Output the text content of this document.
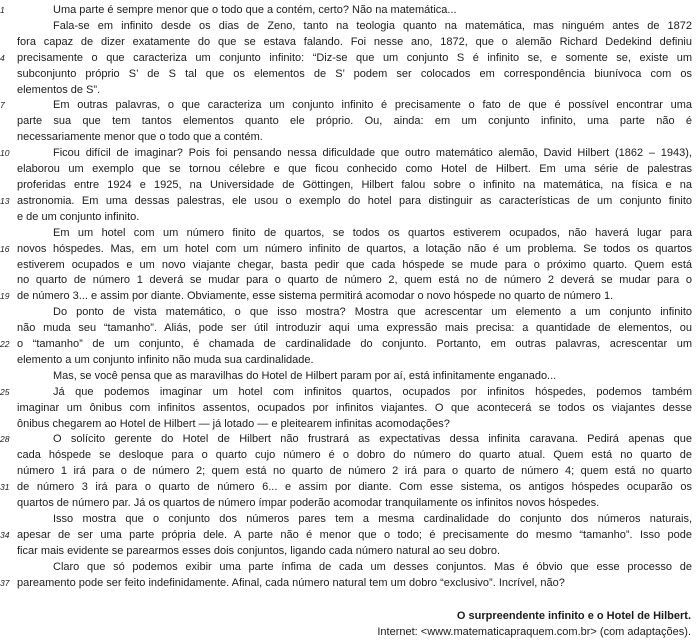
1	Uma parte é sempre menor que o todo que a contém, certo? Não na matemática...
Fala-se em infinito desde os dias de Zeno, tanto na teologia quanto na matemática, mas ninguém antes de 1872
fora capaz de dizer exatamente do que se estava falando. Foi nesse ano, 1872, que o alemão Richard Dedekind definiu
4	precisamente o que caracteriza um conjunto infinito: “Diz-se que um conjunto S é infinito se, e somente se, existe um
subconjunto próprio S’ de S tal que os elementos de S’ podem ser colocados em correspondência biunívoca com os
elementos de S”.
7	Em outras palavras, o que caracteriza um conjunto infinito é precisamente o fato de que é possível encontrar uma
parte sua que tem tantos elementos quanto ele próprio. Ou, ainda: em um conjunto infinito, uma parte não é
necessariamente menor que o todo que a contém.
10	Ficou difícil de imaginar? Pois foi pensando nessa dificuldade que outro matemático alemão, David Hilbert (1862 – 1943),
elaborou um exemplo que se tornou célebre e que ficou conhecido como Hotel de Hilbert. Em uma série de palestras
proferidas entre 1924 e 1925, na Universidade de Göttingen, Hilbert falou sobre o infinito na matemática, na física e na
13 astronomia. Em uma dessas palestras, ele usou o exemplo do hotel para distinguir as características de um conjunto finito
e de um conjunto infinito.
Em um hotel com um número finito de quartos, se todos os quartos estiverem ocupados, não haverá lugar para
16 novos hóspedes. Mas, em um hotel com um número infinito de quartos, a lotação não é um problema. Se todos os quartos
estiverem ocupados e um novo viajante chegar, basta pedir que cada hóspede se mude para o próximo quarto. Quem está
no quarto de número 1 deverá se mudar para o quarto de número 2, quem está no de número 2 deverá se mudar para o
19 de número 3... e assim por diante. Obviamente, esse sistema permitirá acomodar o novo hóspede no quarto de número 1.
Do ponto de vista matemático, o que isso mostra? Mostra que acrescentar um elemento a um conjunto infinito
não muda seu “tamanho”. Aliás, pode ser útil introduzir aqui uma expressão mais precisa: a quantidade de elementos, ou
22 o “tamanho” de um conjunto, é chamada de cardinalidade do conjunto. Portanto, em outras palavras, acrescentar um
elemento a um conjunto infinito não muda sua cardinalidade.
Mas, se você pensa que as maravilhas do Hotel de Hilbert param por aí, está infinitamente enganado...
25	Já que podemos imaginar um hotel com infinitos quartos, ocupados por infinitos hóspedes, podemos também
imaginar um ônibus com infinitos assentos, ocupados por infinitos viajantes. O que acontecerá se todos os viajantes desse
ônibus chegarem ao Hotel de Hilbert — já lotado — e pleitearem infinitas acomodações?
28	O solícito gerente do Hotel de Hilbert não frustrará as expectativas dessa infinita caravana. Pedirá apenas que
cada hóspede se desloque para o quarto cujo número é o dobro do número do quarto atual. Quem está no quarto de
número 1 irá para o de número 2; quem está no quarto de número 2 irá para o quarto de número 4; quem está no quarto
31 de número 3 irá para o quarto de número 6... e assim por diante. Com esse sistema, os antigos hóspedes ocuparão os
quartos de número par. Já os quartos de número ímpar poderão acomodar tranquilamente os infinitos novos hóspedes.
Isso mostra que o conjunto dos números pares tem a mesma cardinalidade do conjunto dos números naturais,
34 apesar de ser uma parte própria dele. A parte não é menor que o todo; é precisamente do mesmo “tamanho”. Isso pode
ficar mais evidente se parearmos esses dois conjuntos, ligando cada número natural ao seu dobro.
Claro que só podemos exibir uma parte ínfima de cada um desses conjuntos. Mas é óbvio que esse processo de
37 pareamento pode ser feito indefinidamente. Afinal, cada número natural tem um dobro “exclusivo”. Incrível, não?
O surpreendente infinito e o Hotel de Hilbert.
Internet: <www.matematicapraquem.com.br> (com adaptações).
